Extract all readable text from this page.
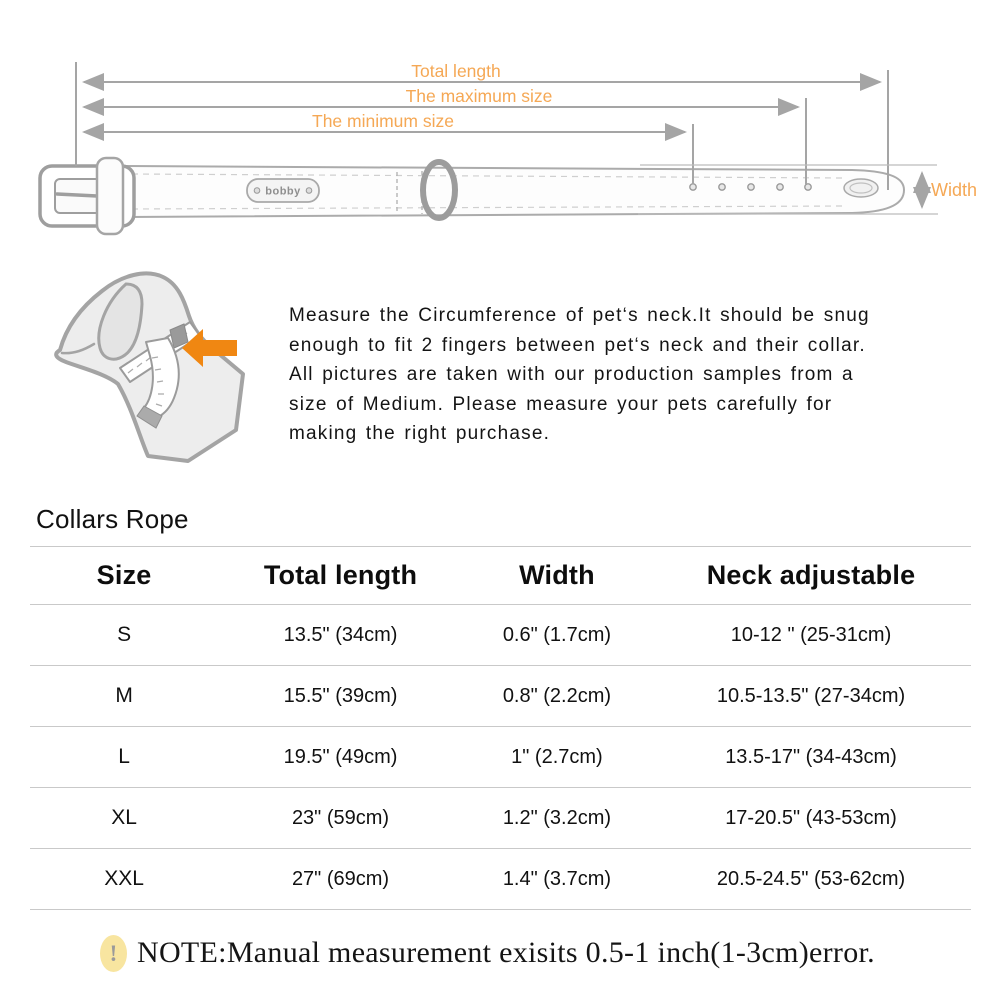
bobby
Total length
The maximum size
The minimum size
Width
Measure the Circumference of pet‘s neck.It should be snug
enough to fit 2 fingers between pet‘s neck and their collar.
All pictures are taken with our production samples from a
size of Medium. Please measure your pets carefully for
making the right purchase.
Collars Rope
Size	Total length	Width	Neck adjustable
S	13.5" (34cm)	0.6" (1.7cm)	10-12 " (25-31cm)
M	15.5" (39cm)	0.8" (2.2cm)	10.5-13.5" (27-34cm)
L	19.5" (49cm)	1" (2.7cm)	13.5-17" (34-43cm)
XL	23" (59cm)	1.2" (3.2cm)	17-20.5" (43-53cm)
XXL	27" (69cm)	1.4" (3.7cm)	20.5-24.5" (53-62cm)
! NOTE:Manual measurement exisits 0.5-1 inch(1-3cm)error.
